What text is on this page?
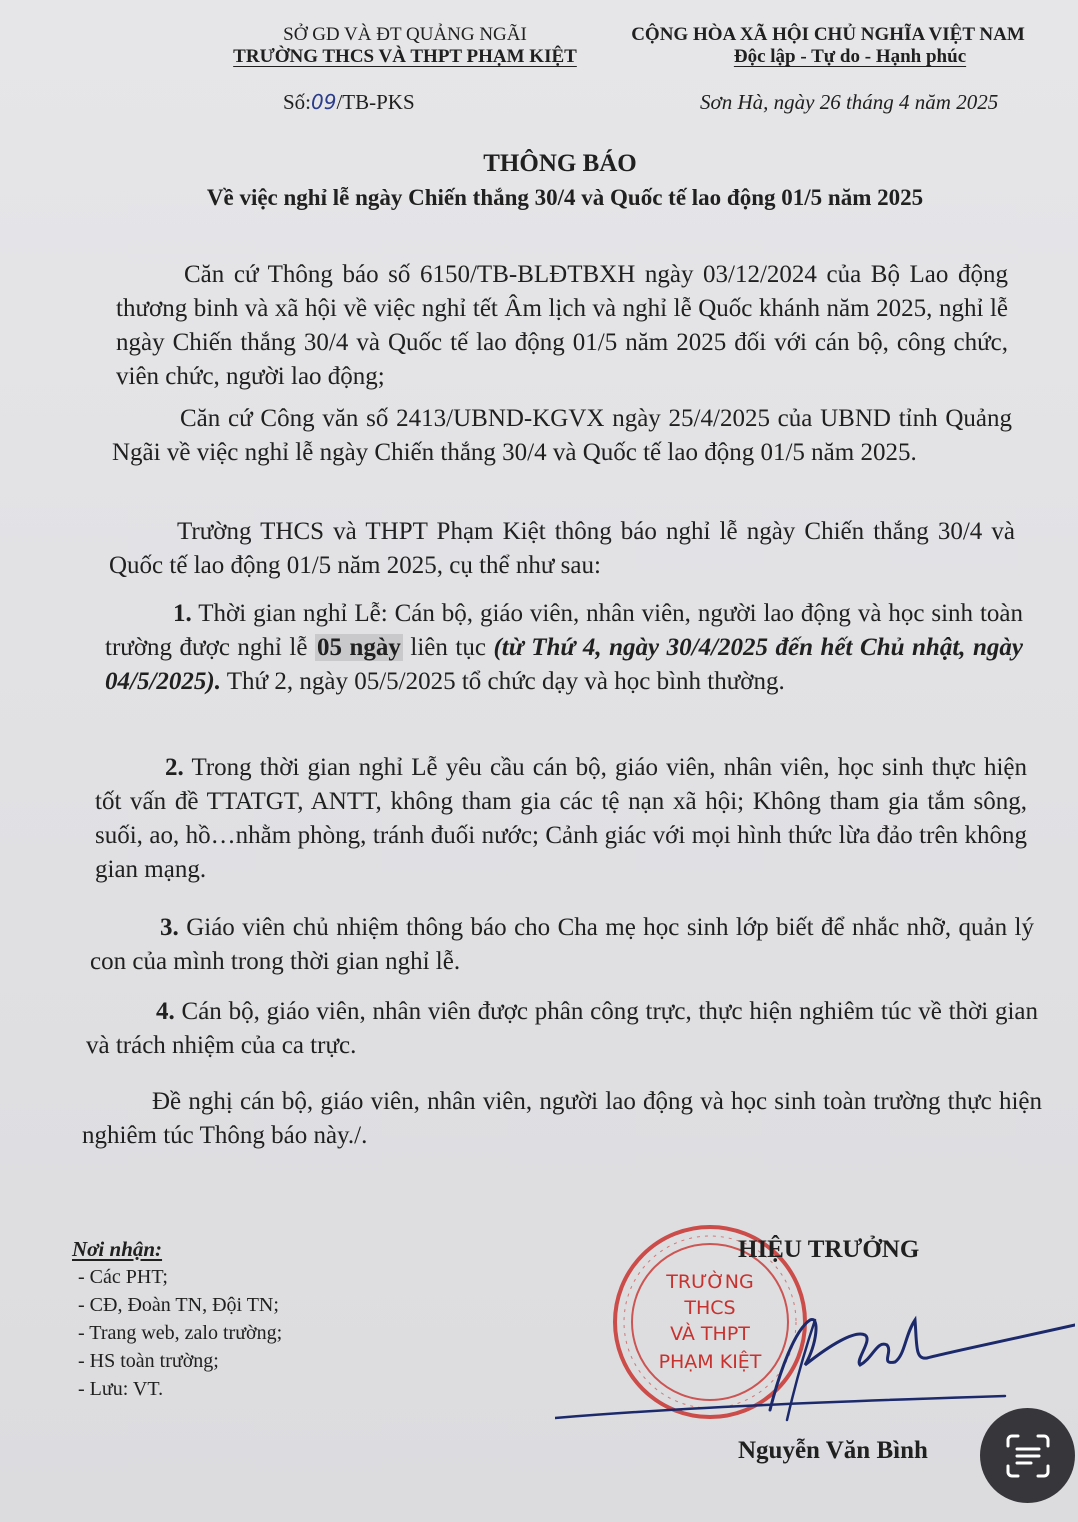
SỞ GD VÀ ĐT QUẢNG NGÃI
TRƯỜNG THCS VÀ THPT PHẠM KIỆT
CỘNG HÒA XÃ HỘI CHỦ NGHĨA VIỆT NAM
Độc lập - Tự do - Hạnh phúc
Số:09/TB-PKS	Sơn Hà, ngày 26 tháng 4 năm 2025
THÔNG BÁO
Về việc nghỉ lễ ngày Chiến thắng 30/4 và Quốc tế lao động 01/5 năm 2025
Căn cứ Thông báo số 6150/TB-BLĐTBXH ngày 03/12/2024 của Bộ Lao động thương binh và xã hội về việc nghỉ tết Âm lịch và nghỉ lễ Quốc khánh năm 2025, nghỉ lễ ngày Chiến thắng 30/4 và Quốc tế lao động 01/5 năm 2025 đối với cán bộ, công chức, viên chức, người lao động;
Căn cứ Công văn số 2413/UBND-KGVX ngày 25/4/2025 của UBND tỉnh Quảng Ngãi về việc nghỉ lễ ngày Chiến thắng 30/4 và Quốc tế lao động 01/5 năm 2025.
Trường THCS và THPT Phạm Kiệt thông báo nghỉ lễ ngày Chiến thắng 30/4 và Quốc tế lao động 01/5 năm 2025, cụ thể như sau:
1. Thời gian nghỉ Lễ: Cán bộ, giáo viên, nhân viên, người lao động và học sinh toàn trường được nghỉ lễ 05 ngày liên tục (từ Thứ 4, ngày 30/4/2025 đến hết Chủ nhật, ngày 04/5/2025). Thứ 2, ngày 05/5/2025 tổ chức dạy và học bình thường.
2. Trong thời gian nghỉ Lễ yêu cầu cán bộ, giáo viên, nhân viên, học sinh thực hiện tốt vấn đề TTATGT, ANTT, không tham gia các tệ nạn xã hội; Không tham gia tắm sông, suối, ao, hồ…nhằm phòng, tránh đuối nước; Cảnh giác với mọi hình thức lừa đảo trên không gian mạng.
3. Giáo viên chủ nhiệm thông báo cho Cha mẹ học sinh lớp biết để nhắc nhỡ, quản lý con của mình trong thời gian nghỉ lễ.
4. Cán bộ, giáo viên, nhân viên được phân công trực, thực hiện nghiêm túc về thời gian và trách nhiệm của ca trực.
Đề nghị cán bộ, giáo viên, nhân viên, người lao động và học sinh toàn trường thực hiện nghiêm túc Thông báo này./.
Nơi nhận:
- Các PHT;
- CĐ, Đoàn TN, Đội TN;
- Trang web, zalo trường;
- HS toàn trường;
- Lưu: VT.
TRƯỜNG
THCS
VÀ THPT
PHẠM KIỆT
HIỆU TRƯỞNG
Nguyễn Văn Bình
